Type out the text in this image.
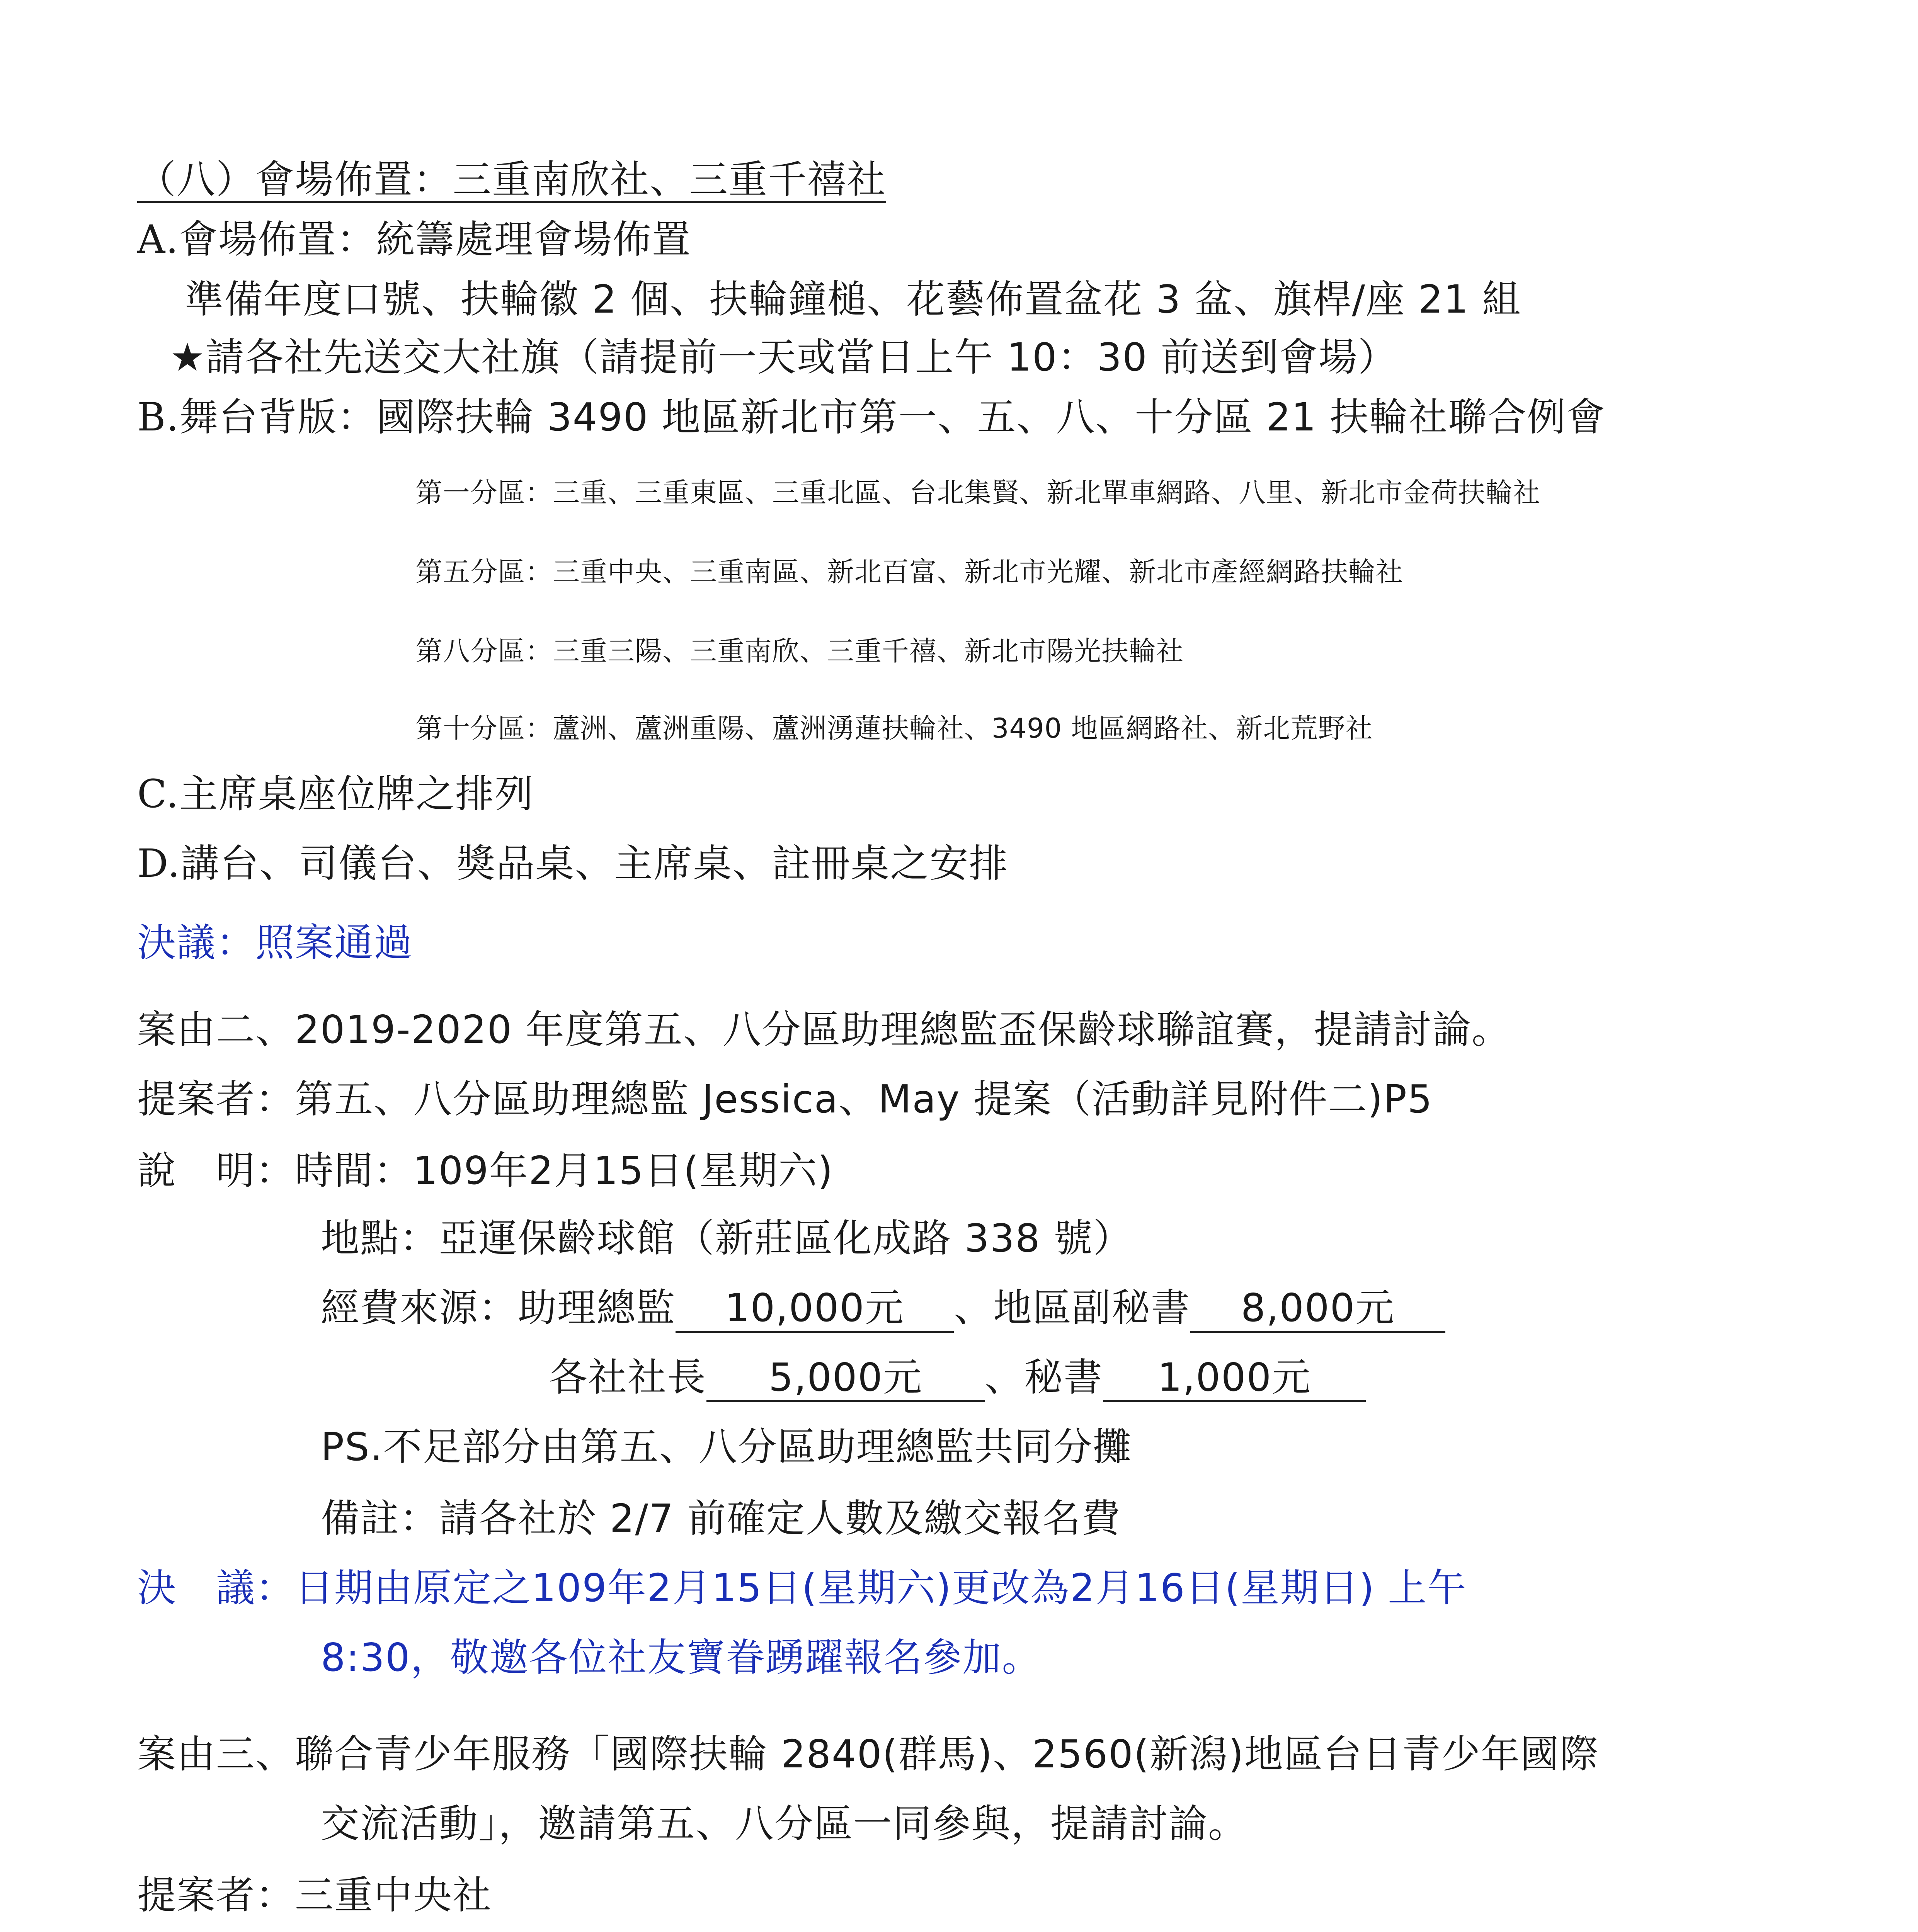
（八）會場佈置：三重南欣社、三重千禧社
A.會場佈置：統籌處理會場佈置
準備年度口號、扶輪徽 2 個、扶輪鐘槌、花藝佈置盆花 3 盆、旗桿/座 21 組
★請各社先送交大社旗（請提前一天或當日上午 10：30 前送到會場）
B.舞台背版：國際扶輪 3490 地區新北市第一、五、八、十分區 21 扶輪社聯合例會
第一分區：三重、三重東區、三重北區、台北集賢、新北單車網路、八里、新北市金荷扶輪社
第五分區：三重中央、三重南區、新北百富、新北市光耀、新北市產經網路扶輪社
第八分區：三重三陽、三重南欣、三重千禧、新北市陽光扶輪社
第十分區：蘆洲、蘆洲重陽、蘆洲湧蓮扶輪社、3490 地區網路社、新北荒野社
C.主席桌座位牌之排列
D.講台、司儀台、獎品桌、主席桌、註冊桌之安排
決議：照案通過
案由二、2019-2020 年度第五、八分區助理總監盃保齡球聯誼賽，提請討論。
提案者：第五、八分區助理總監 Jessica、May 提案（活動詳見附件二)P5
說　明：時間：109年2月15日(星期六)
地點：亞運保齡球館（新莊區化成路 338 號）
經費來源：助理總監 10,000元 、地區副秘書 8,000元
各社社長 5,000元 、秘書 1,000元
PS.不足部分由第五、八分區助理總監共同分攤
備註：請各社於 2/7 前確定人數及繳交報名費
決　議：日期由原定之109年2月15日(星期六)更改為2月16日(星期日) 上午
8:30，敬邀各位社友寶眷踴躍報名參加。
案由三、聯合青少年服務「國際扶輪 2840(群馬)、2560(新潟)地區台日青少年國際
交流活動」，邀請第五、八分區一同參與，提請討論。
提案者：三重中央社
